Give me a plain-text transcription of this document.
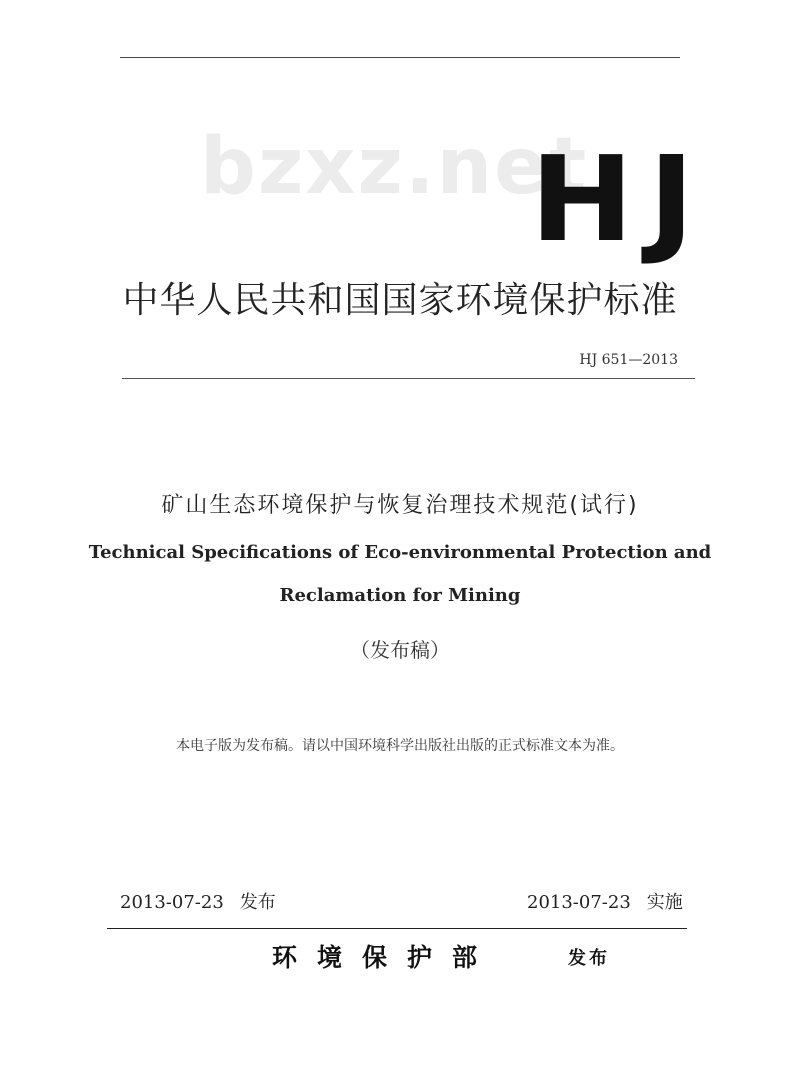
bzxz.net
HJ
中华人民共和国国家环境保护标准
HJ 651—2013
矿山生态环境保护与恢复治理技术规范(试行)
Technical Specifications of Eco-environmental Protection and
Reclamation for Mining
（发布稿）
本电子版为发布稿。请以中国环境科学出版社出版的正式标准文本为准。
2013-07-23 发布	2013-07-23 实施
环境保护部	发布
